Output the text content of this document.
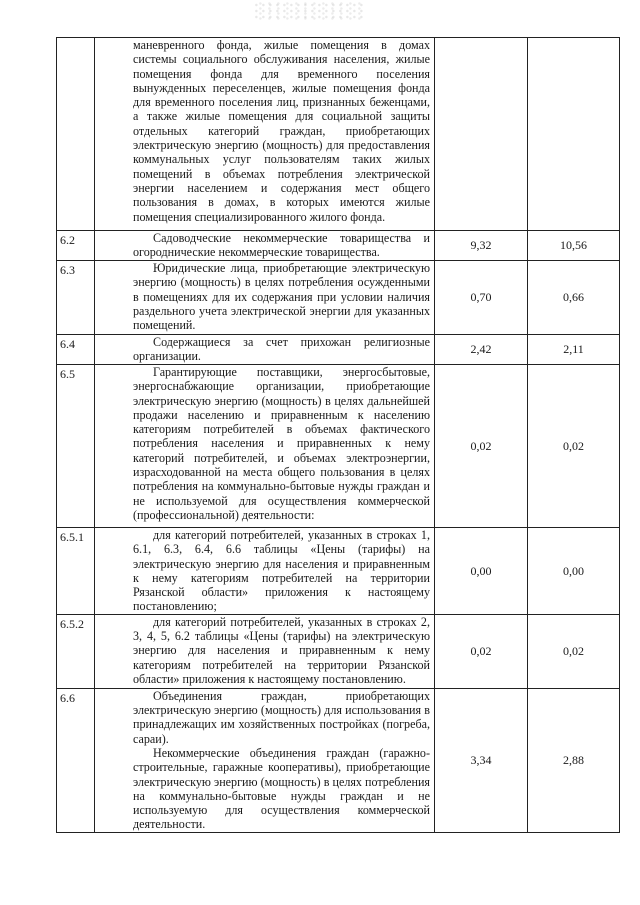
	маневренного фонда, жилые помещения в домах системы социального обслуживания населения, жилые помещения фонда для временного поселения вынужденных переселенцев, жилые помещения фонда для временного поселения лиц, признанных беженцами, а также жилые помещения для социальной защиты отдельных категорий граждан, приобретающих электрическую энергию (мощность) для предоставления коммунальных услуг пользователям таких жилых помещений в объемах потребления электрической энергии населением и содержания мест общего пользования в домах, в которых имеются жилые помещения специализированного жилого фонда.		

6.2	Садоводческие некоммерческие товарищества и огороднические некоммерческие товарищества.	9,32	10,56
6.3	Юридические лица, приобретающие электрическую энергию (мощность) в целях потребления осужденными в помещениях для их содержания при условии наличия раздельного учета электрической энергии для указанных помещений.	0,70	0,66
6.4	Содержащиеся за счет прихожан религиозные организации.	2,42	2,11
6.5	Гарантирующие поставщики, энергосбытовые, энергоснабжающие организации, приобретающие электрическую энергию (мощность) в целях дальнейшей продажи населению и приравненным к населению категориям потребителей в объемах фактического потребления населения и приравненных к нему категорий потребителей, и объемах электроэнергии, израсходованной на места общего пользования в целях потребления на коммунально-бытовые нужды граждан и не используемой для осуществления коммерческой (профессиональной) деятельности:	0,02	0,02
6.5.1	для категорий потребителей, указанных в строках 1, 6.1, 6.3, 6.4, 6.6 таблицы «Цены (тарифы) на электрическую энергию для населения и приравненным к нему категориям потребителей на территории Рязанской области» приложения к настоящему постановлению;	0,00	0,00
6.5.2	для категорий потребителей, указанных в строках 2, 3, 4, 5, 6.2 таблицы «Цены (тарифы) на электрическую энергию для населения и приравненным к нему категориям потребителей на территории Рязанской области» приложения к настоящему постановлению.	0,02	0,02
6.6	Объединения граждан, приобретающих электрическую энергию (мощность) для использования в принадлежащих им хозяйственных постройках (погреба, сараи).

Некоммерческие объединения граждан (гаражно-строительные, гаражные кооперативы), приобретающие электрическую энергию (мощность) в целях потребления на коммунально-бытовые нужды граждан и не используемую для осуществления коммерческой деятельности.	3,34	2,88
